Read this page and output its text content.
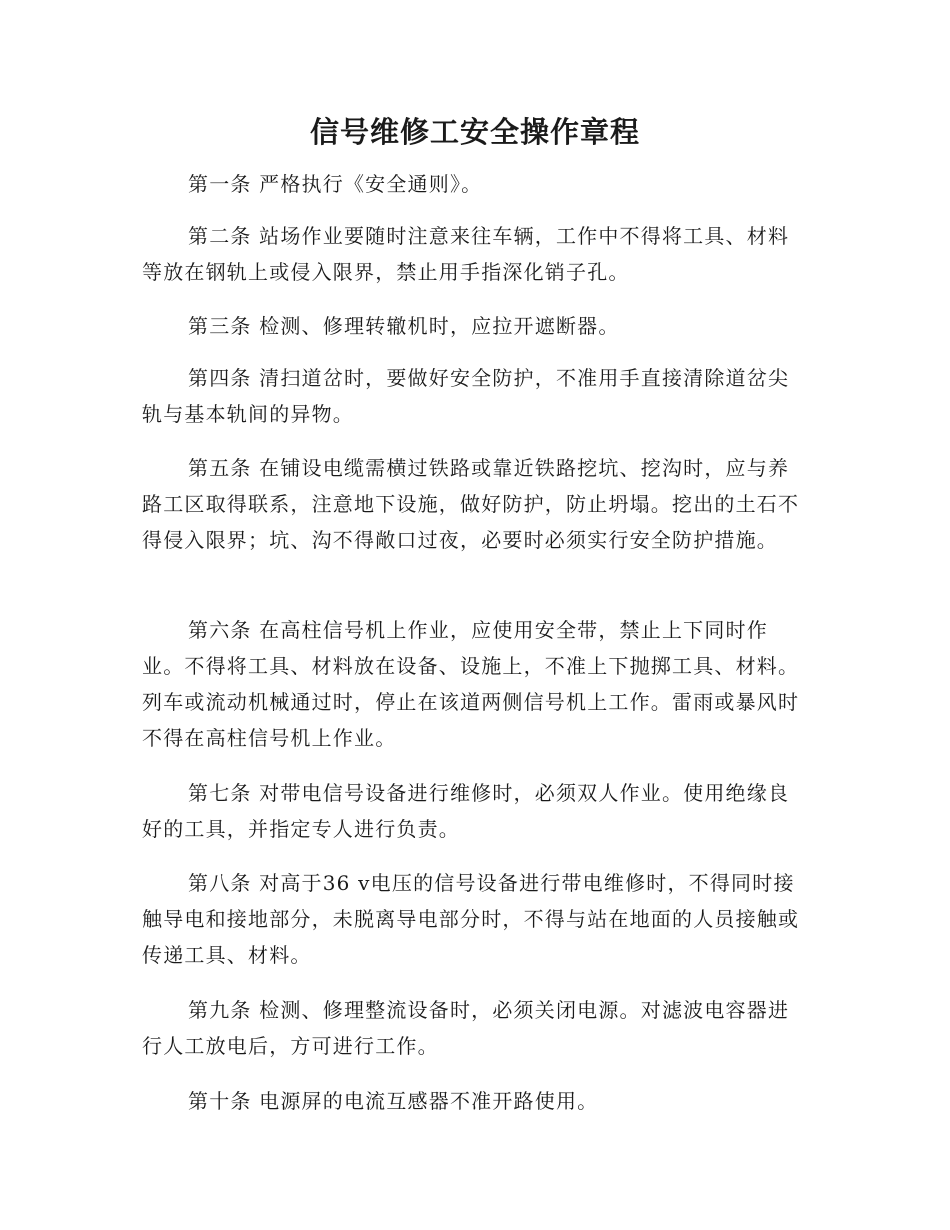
信号维修工安全操作章程

第一条 严格执行《安全通则》。

第二条 站场作业要随时注意来往车辆，工作中不得将工具、材料等放在钢轨上或侵入限界，禁止用手指深化销子孔。

第三条 检测、修理转辙机时，应拉开遮断器。

第四条 清扫道岔时，要做好安全防护，不准用手直接清除道岔尖轨与基本轨间的异物。

第五条 在铺设电缆需横过铁路或靠近铁路挖坑、挖沟时，应与养路工区取得联系，注意地下设施，做好防护，防止坍塌。挖出的土石不得侵入限界；坑、沟不得敞口过夜，必要时必须实行安全防护措施。

第六条 在高柱信号机上作业，应使用安全带，禁止上下同时作业。不得将工具、材料放在设备、设施上，不准上下抛掷工具、材料。列车或流动机械通过时，停止在该道两侧信号机上工作。雷雨或暴风时不得在高柱信号机上作业。

第七条 对带电信号设备进行维修时，必须双人作业。使用绝缘良好的工具，并指定专人进行负责。

第八条 对高于36 v电压的信号设备进行带电维修时，不得同时接触导电和接地部分，未脱离导电部分时，不得与站在地面的人员接触或传递工具、材料。

第九条 检测、修理整流设备时，必须关闭电源。对滤波电容器进行人工放电后，方可进行工作。

第十条 电源屏的电流互感器不准开路使用。
